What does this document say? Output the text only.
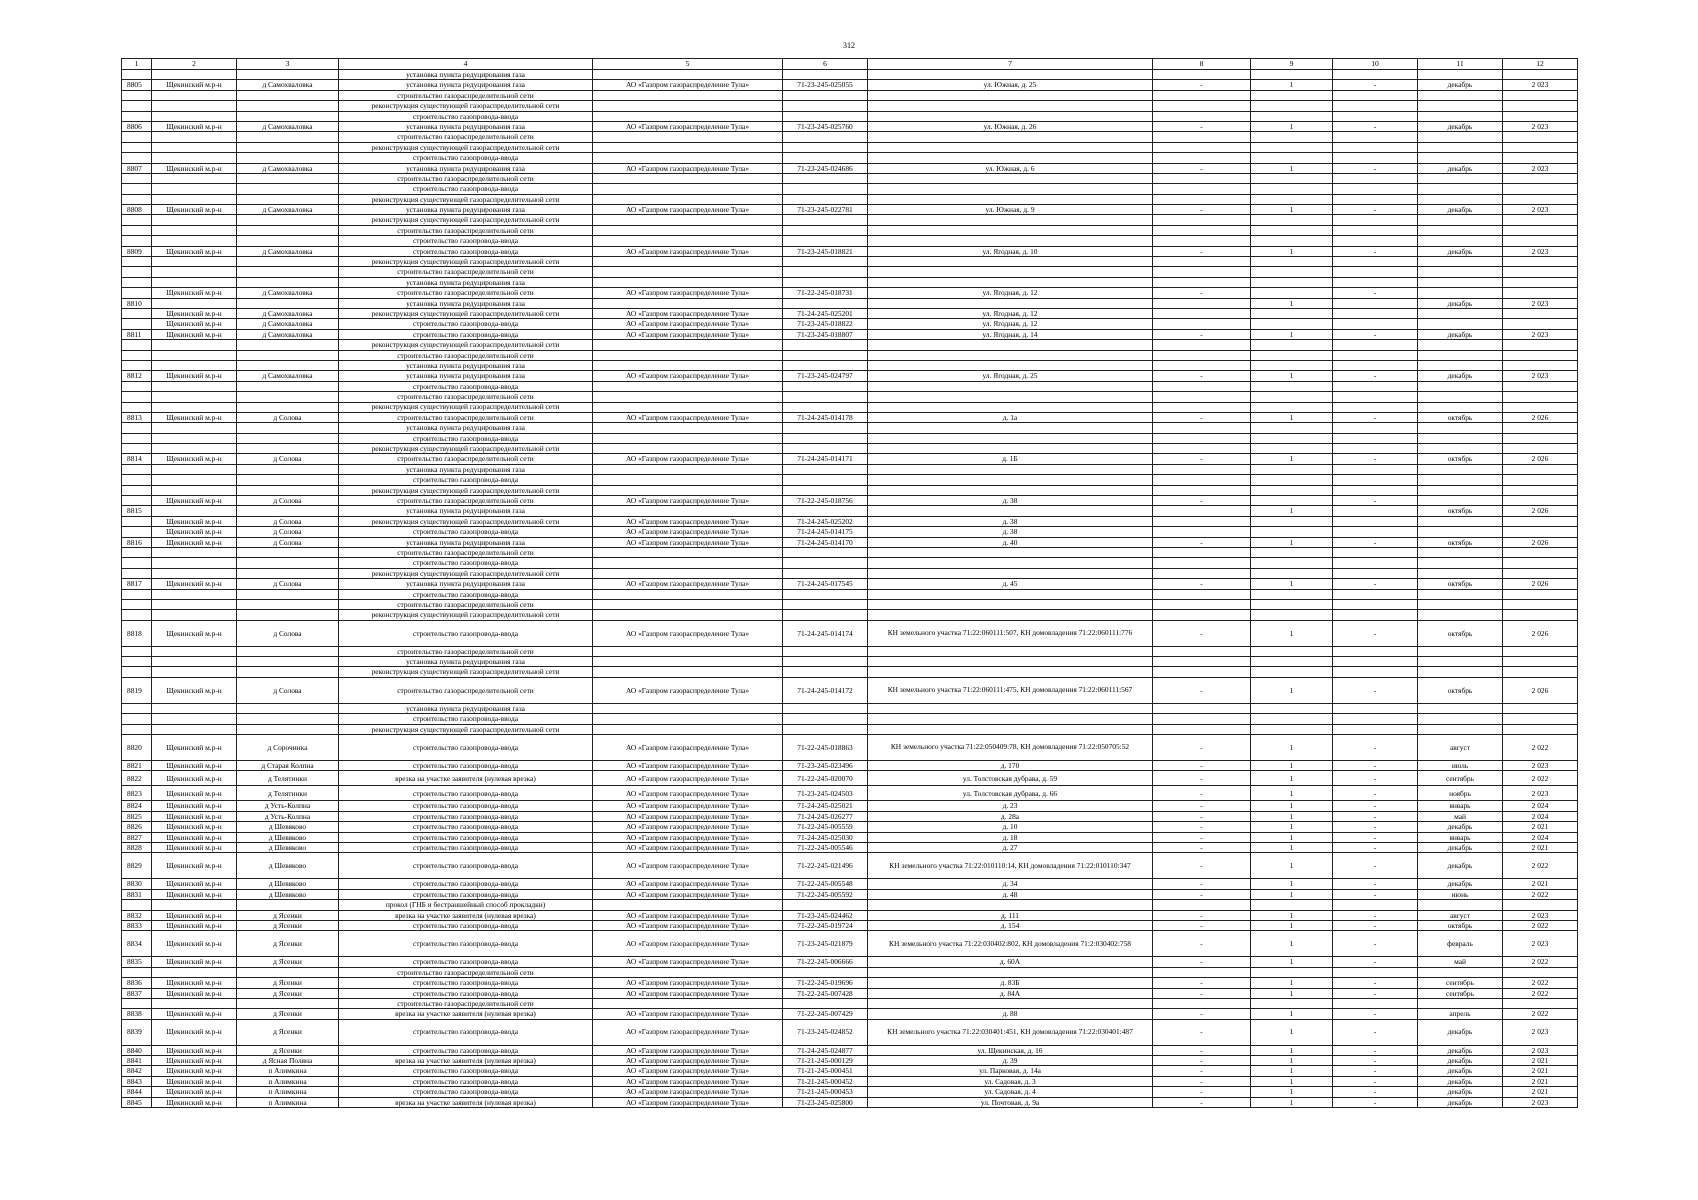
312
1	2	3	4	5	6	7	8	9	10	11	12
			установка пункта редуцирования газа								
8805	Щекинский м.р-н	д Самохваловка	установка пункта редуцирования газа	АО «Газпром газораспределение Тула»	71-23-245-025055	ул. Южная, д. 25	-	1	-	декабрь	2 023
			строительство газораспределительной сети								
			реконструкция существующей газораспределительной сети								
			строительство газопровода-ввода								
8806	Щекинский м.р-н	д Самохваловка	установка пункта редуцирования газа	АО «Газпром газораспределение Тула»	71-23-245-025760	ул. Южная, д. 26	-	1	-	декабрь	2 023
			строительство газораспределительной сети								
			реконструкция существующей газораспределительной сети								
			строительство газопровода-ввода								
8807	Щекинский м.р-н	д Самохваловка	установка пункта редуцирования газа	АО «Газпром газораспределение Тула»	71-23-245-024686	ул. Южная, д. 6	-	1	-	декабрь	2 023
			строительство газораспределительной сети								
			строительство газопровода-ввода								
			реконструкция существующей газораспределительной сети								
8808	Щекинский м.р-н	д Самохваловка	установка пункта редуцирования газа	АО «Газпром газораспределение Тула»	71-23-245-022781	ул. Южная, д. 9	-	1	-	декабрь	2 023
			реконструкция существующей газораспределительной сети								
			строительство газораспределительной сети								
			строительство газопровода-ввода								
8809	Щекинский м.р-н	д Самохваловка	строительство газопровода-ввода	АО «Газпром газораспределение Тула»	71-23-245-018821	ул. Ягодная, д. 10	-	1	-	декабрь	2 023
			реконструкция существующей газораспределительной сети								
			строительство газораспределительной сети								
			установка пункта редуцирования газа								
	Щекинский м.р-н	д Самохваловка	строительство газораспределительной сети	АО «Газпром газораспределение Тула»	71-22-245-018731	ул. Ягодная, д. 12	-		-		
8810			установка пункта редуцирования газа					1		декабрь	2 023
	Щекинский м.р-н	д Самохваловка	реконструкция существующей газораспределительной сети	АО «Газпром газораспределение Тула»	71-24-245-025201	ул. Ягодная, д. 12					
	Щекинский м.р-н	д Самохваловка	строительство газопровода-ввода	АО «Газпром газораспределение Тула»	71-23-245-018822	ул. Ягодная, д. 12					
8811	Щекинский м.р-н	д Самохваловка	строительство газопровода-ввода	АО «Газпром газораспределение Тула»	71-23-245-018807	ул. Ягодная, д. 14	-	1	-	декабрь	2 023
			реконструкция существующей газораспределительной сети								
			строительство газораспределительной сети								
			установка пункта редуцирования газа								
8812	Щекинский м.р-н	д Самохваловка	установка пункта редуцирования газа	АО «Газпром газораспределение Тула»	71-23-245-024797	ул. Ягодная, д. 25	-	1	-	декабрь	2 023
			строительство газопровода-ввода								
			строительство газораспределительной сети								
			реконструкция существующей газораспределительной сети								
8813	Щекинский м.р-н	д Солова	строительство газораспределительной сети	АО «Газпром газораспределение Тула»	71-24-245-014178	д. 1а	-	1	-	октябрь	2 026
			установка пункта редуцирования газа								
			строительство газопровода-ввода								
			реконструкция существующей газораспределительной сети								
8814	Щекинский м.р-н	д Солова	строительство газораспределительной сети	АО «Газпром газораспределение Тула»	71-24-245-014171	д. 1Б	-	1	-	октябрь	2 026
			установка пункта редуцирования газа								
			строительство газопровода-ввода								
			реконструкция существующей газораспределительной сети								
	Щекинский м.р-н	д Солова	строительство газораспределительной сети	АО «Газпром газораспределение Тула»	71-22-245-018756	д. 38	-		-		
8815			установка пункта редуцирования газа					1		октябрь	2 026
	Щекинский м.р-н	д Солова	реконструкция существующей газораспределительной сети	АО «Газпром газораспределение Тула»	71-24-245-025202	д. 38					
	Щекинский м.р-н	д Солова	строительство газопровода-ввода	АО «Газпром газораспределение Тула»	71-24-245-014175	д. 38					
8816	Щекинский м.р-н	д Солова	установка пункта редуцирования газа	АО «Газпром газораспределение Тула»	71-24-245-014170	д. 40	-	1	-	октябрь	2 026
			строительство газораспределительной сети								
			строительство газопровода-ввода								
			реконструкция существующей газораспределительной сети								
8817	Щекинский м.р-н	д Солова	установка пункта редуцирования газа	АО «Газпром газораспределение Тула»	71-24-245-017545	д. 45	-	1	-	октябрь	2 026
			строительство газопровода-ввода								
			строительство газораспределительной сети								
			реконструкция существующей газораспределительной сети								
8818	Щекинский м.р-н	д Солова	строительство газопровода-ввода	АО «Газпром газораспределение Тула»	71-24-245-014174	КН земельного участка 71:22:060111:507, КН домовладения 71:22:060111:776	-	1	-	октябрь	2 026
			строительство газораспределительной сети								
			установка пункта редуцирования газа								
			реконструкция существующей газораспределительной сети								
8819	Щекинский м.р-н	д Солова	строительство газораспределительной сети	АО «Газпром газораспределение Тула»	71-24-245-014172	КН земельного участка 71:22:060111:475, КН домовладения 71:22:060111:567	-	1	-	октябрь	2 026
			установка пункта редуцирования газа								
			строительство газопровода-ввода								
			реконструкция существующей газораспределительной сети								
8820	Щекинский м.р-н	д Сорочинка	строительство газопровода-ввода	АО «Газпром газораспределение Тула»	71-22-245-018863	КН земельного участка 71:22:050409:78, КН домовладения 71:22:050705:52	-	1	-	август	2 022
8821	Щекинский м.р-н	д Старая Колпна	строительство газопровода-ввода	АО «Газпром газораспределение Тула»	71-23-245-023496	д. 170	-	1	-	июль	2 023
8822	Щекинский м.р-н	д Телятинки	врезка на участке заявителя (нулевая врезка)	АО «Газпром газораспределение Тула»	71-22-245-020070	ул. Толстовская дубрава, д. 59	-	1	-	сентябрь	2 022
8823	Щекинский м.р-н	д Телятинки	строительство газопровода-ввода	АО «Газпром газораспределение Тула»	71-23-245-024503	ул. Толстовская дубрава, д. 66	-	1	-	ноябрь	2 023
8824	Щекинский м.р-н	д Усть-Колпна	строительство газопровода-ввода	АО «Газпром газораспределение Тула»	71-24-245-025021	д. 23	-	1	-	январь	2 024
8825	Щекинский м.р-н	д Усть-Колпна	строительство газопровода-ввода	АО «Газпром газораспределение Тула»	71-24-245-026277	д. 28а	-	1	-	май	2 024
8826	Щекинский м.р-н	д Шевяково	строительство газопровода-ввода	АО «Газпром газораспределение Тула»	71-22-245-005559	д. 10	-	1	-	декабрь	2 021
8827	Щекинский м.р-н	д Шевяково	строительство газопровода-ввода	АО «Газпром газораспределение Тула»	71-24-245-025030	д. 18	-	1	-	январь	2 024
8828	Щекинский м.р-н	д Шевяково	строительство газопровода-ввода	АО «Газпром газораспределение Тула»	71-22-245-005546	д. 27	-	1	-	декабрь	2 021
8829	Щекинский м.р-н	д Шевяково	строительство газопровода-ввода	АО «Газпром газораспределение Тула»	71-22-245-021496	КН земельного участка 71:22:010110:14, КН домовладения 71:22:010110:347	-	1	-	декабрь	2 022
8830	Щекинский м.р-н	д Шевяково	строительство газопровода-ввода	АО «Газпром газораспределение Тула»	71-22-245-005548	д. 34	-	1	-	декабрь	2 021
8831	Щекинский м.р-н	д Шевяково	строительство газопровода-ввода	АО «Газпром газораспределение Тула»	71-22-245-005592	д. 48	-	1	-	июнь	2 022
			прокол (ГНБ и бестраншейный способ прокладки)								
8832	Щекинский м.р-н	д Ясенки	врезка на участке заявителя (нулевая врезка)	АО «Газпром газораспределение Тула»	71-23-245-024462	д. 111	-	1	-	август	2 023
8833	Щекинский м.р-н	д Ясенки	строительство газопровода-ввода	АО «Газпром газораспределение Тула»	71-22-245-019724	д. 154	-	1	-	октябрь	2 022
8834	Щекинский м.р-н	д Ясенки	строительство газопровода-ввода	АО «Газпром газораспределение Тула»	71-23-245-021879	КН земельного участка 71:22:030402:802, КН домовладения 71:2:030402:758	-	1	-	февраль	2 023
8835	Щекинский м.р-н	д Ясенки	строительство газопровода-ввода	АО «Газпром газораспределение Тула»	71-22-245-006666	д. 60А	-	1	-	май	2 022
			строительство газораспределительной сети								
8836	Щекинский м.р-н	д Ясенки	строительство газопровода-ввода	АО «Газпром газораспределение Тула»	71-22-245-019696	д. 83Б	-	1	-	сентябрь	2 022
8837	Щекинский м.р-н	д Ясенки	строительство газопровода-ввода	АО «Газпром газораспределение Тула»	71-22-245-007428	д. 84А	-	1	-	сентябрь	2 022
			строительство газораспределительной сети								
8838	Щекинский м.р-н	д Ясенки	врезка на участке заявителя (нулевая врезка)	АО «Газпром газораспределение Тула»	71-22-245-007429	д. 88	-	1	-	апрель	2 022
8839	Щекинский м.р-н	д Ясенки	строительство газопровода-ввода	АО «Газпром газораспределение Тула»	71-23-245-024852	КН земельного участка 71:22:030401:451, КН домовладения 71:22:030401:487	-	1	-	декабрь	2 023
8840	Щекинский м.р-н	д Ясенки	строительство газопровода-ввода	АО «Газпром газораспределение Тула»	71-24-245-024877	ул. Щекинская, д. 16	-	1	-	декабрь	2 023
8841	Щекинский м.р-н	д Ясная Поляна	врезка на участке заявителя (нулевая врезка)	АО «Газпром газораспределение Тула»	71-21-245-000129	д. 39	-	1	-	декабрь	2 021
8842	Щекинский м.р-н	п Алимкина	строительство газопровода-ввода	АО «Газпром газораспределение Тула»	71-21-245-000451	ул. Парковая, д. 14а	-	1	-	декабрь	2 021
8843	Щекинский м.р-н	п Алимкина	строительство газопровода-ввода	АО «Газпром газораспределение Тула»	71-21-245-000452	ул. Садовая, д. 3	-	1	-	декабрь	2 021
8844	Щекинский м.р-н	п Алимкина	строительство газопровода-ввода	АО «Газпром газораспределение Тула»	71-21-245-000453	ул. Садовая, д. 4	-	1	-	декабрь	2 021
8845	Щекинский м.р-н	п Алимкина	врезка на участке заявителя (нулевая врезка)	АО «Газпром газораспределение Тула»	71-23-245-025800	ул. Почтовая, д. 9а	-	1	-	декабрь	2 023
